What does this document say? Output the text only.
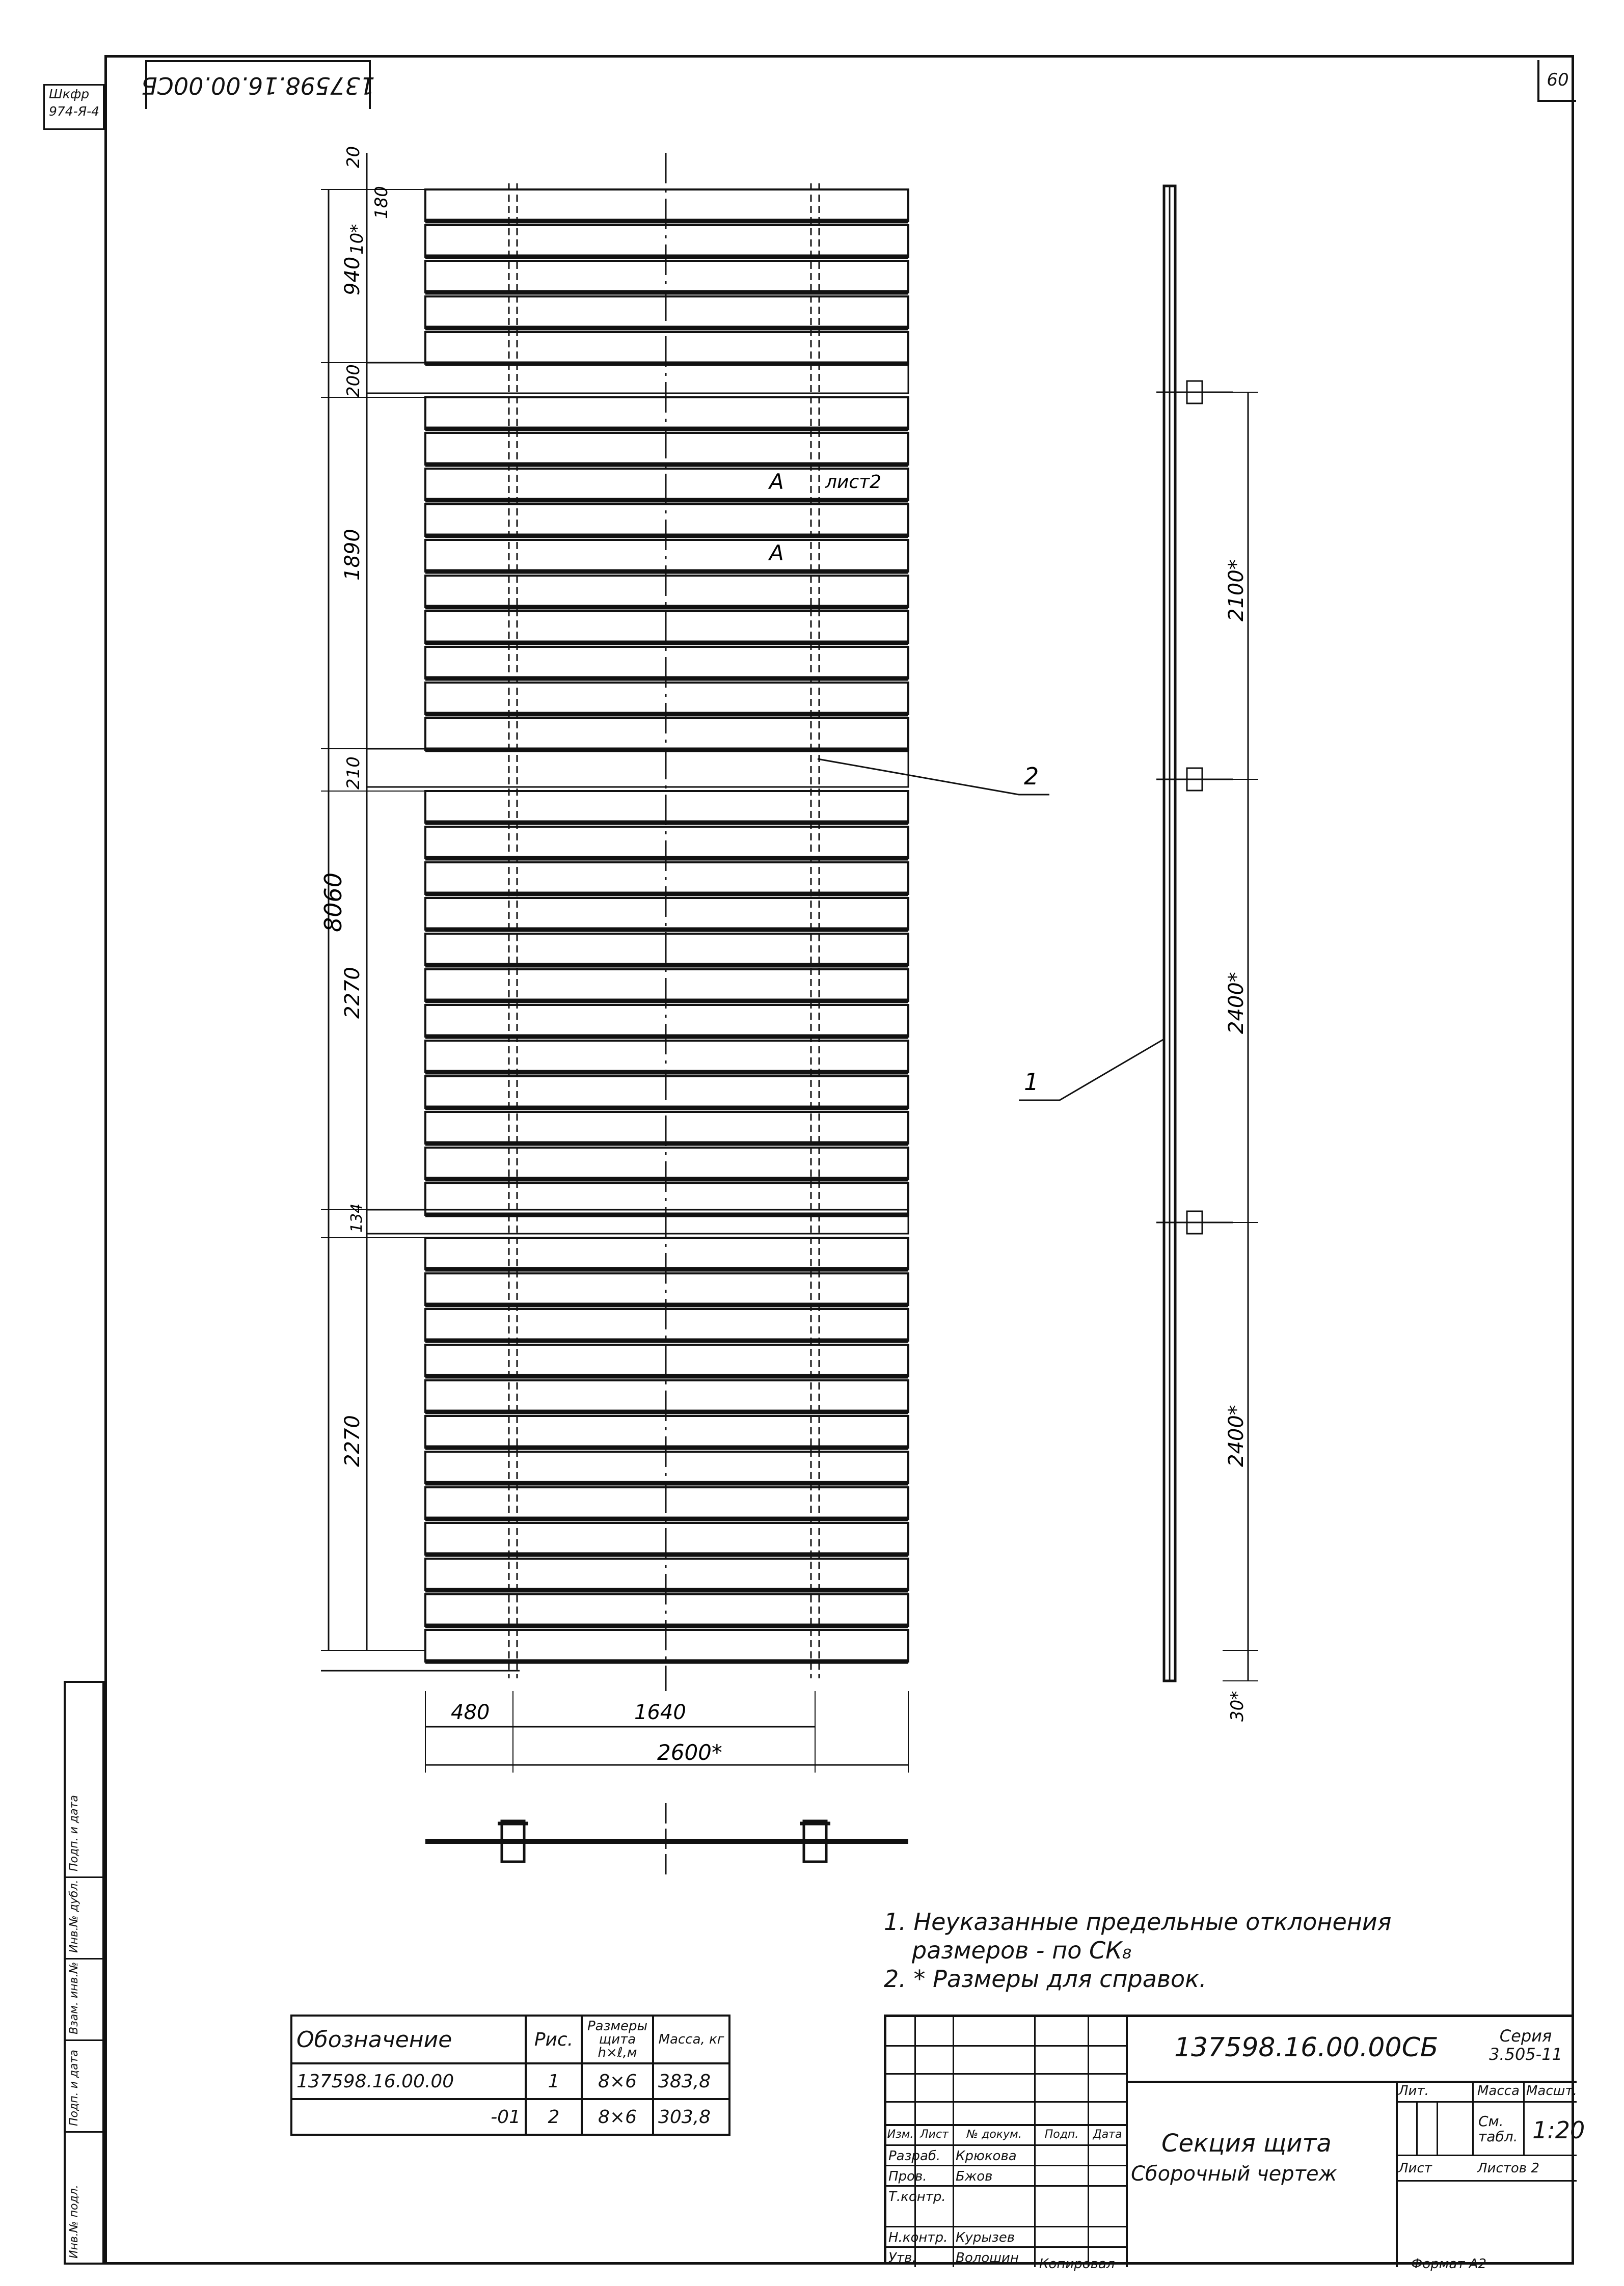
Шкфр
974-Я-4
137598.16.00.00СБ	60
Инв.№ подл.
Подп. и дата
Взам. инв.№
Инв.№ дубл.
Подп. и дата
20
10*
180
940
200
1890
210
8060
2270
134
2270
480	1640
2600*
2100*
2400*
2400*
30*
А лист2
А
2
1
1. Неуказанные предельные отклонения
размеров - по СК₈
2. * Размеры для справок.
Обозначение	Рис.	Размеры щита h×ℓ,м	Масса, кг
137598.16.00.00	1	8×6	383,8
-01	2	8×6	303,8
137598.16.00.00СБ	Серия
3.505-11
Изм. Лист	№ докум.	Подп.	Дата
Разраб. Крюкова
Пров. Бжов
Т.контр.
Н.контр. Курызев
Утв.	Волошин
Секция щита
Сборочный чертеж
Лит.	Масса Масшт.
См. табл. 1:20
Лист	Листов 2
Копировал	Формат А2
